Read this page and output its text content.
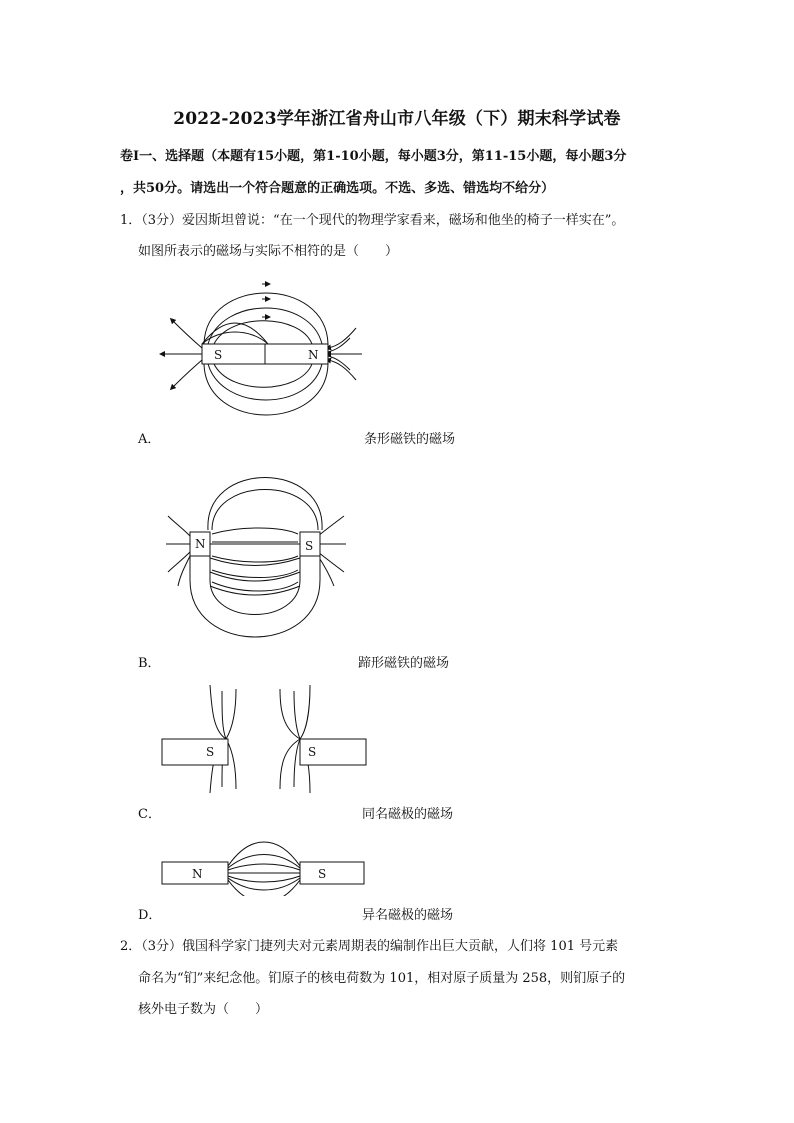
2022-2023学年浙江省舟山市八年级（下）期末科学试卷
卷Ⅰ一、选择题（本题有15小题，第1-10小题，每小题3分，第11-15小题，每小题3分
，共50分。请选出一个符合题意的正确选项。不选、多选、错选均不给分）
1．（3分）爱因斯坦曾说：“在一个现代的物理学家看来，磁场和他坐的椅子一样实在”。
如图所表示的磁场与实际不相符的是（　　）
S	N
A．	条形磁铁的磁场
N	S
B．	蹄形磁铁的磁场
S	S
C．	同名磁极的磁场
N	S
D．	异名磁极的磁场
2．（3分）俄国科学家门捷列夫对元素周期表的编制作出巨大贡献，人们将 101 号元素
命名为“钔”来纪念他。钔原子的核电荷数为 101，相对原子质量为 258，则钔原子的
核外电子数为（　　）
